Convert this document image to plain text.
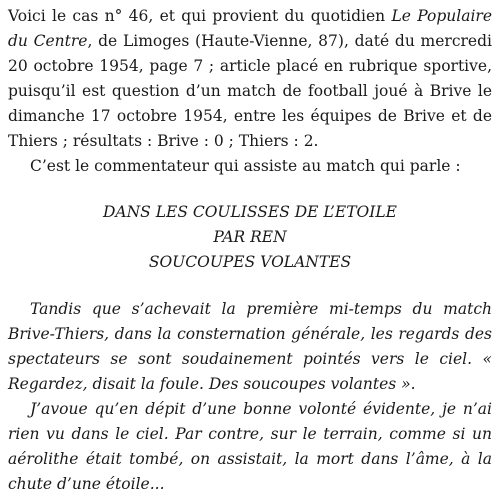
Voici le cas n° 46, et qui provient du quotidien Le Populaire du Centre, de Limoges (Haute-Vienne, 87), daté du mercredi 20 octobre 1954, page 7 ; article placé en rubrique sportive, puisqu’il est question d’un match de football joué à Brive le dimanche 17 octobre 1954, entre les équipes de Brive et de Thiers ; résultats : Brive : 0 ; Thiers : 2.

C’est le commentateur qui assiste au match qui parle :

DANS LES COULISSES DE L’ETOILE

PAR REN

SOUCOUPES VOLANTES

Tandis que s’achevait la première mi-temps du match Brive-Thiers, dans la consternation générale, les regards des spectateurs se sont soudainement pointés vers le ciel. « Regardez, disait la foule. Des soucoupes volantes ».

J’avoue qu’en dépit d’une bonne volonté évidente, je n’ai rien vu dans le ciel. Par contre, sur le terrain, comme si un aérolithe était tombé, on assistait, la mort dans l’âme, à la chute d’une étoile...
